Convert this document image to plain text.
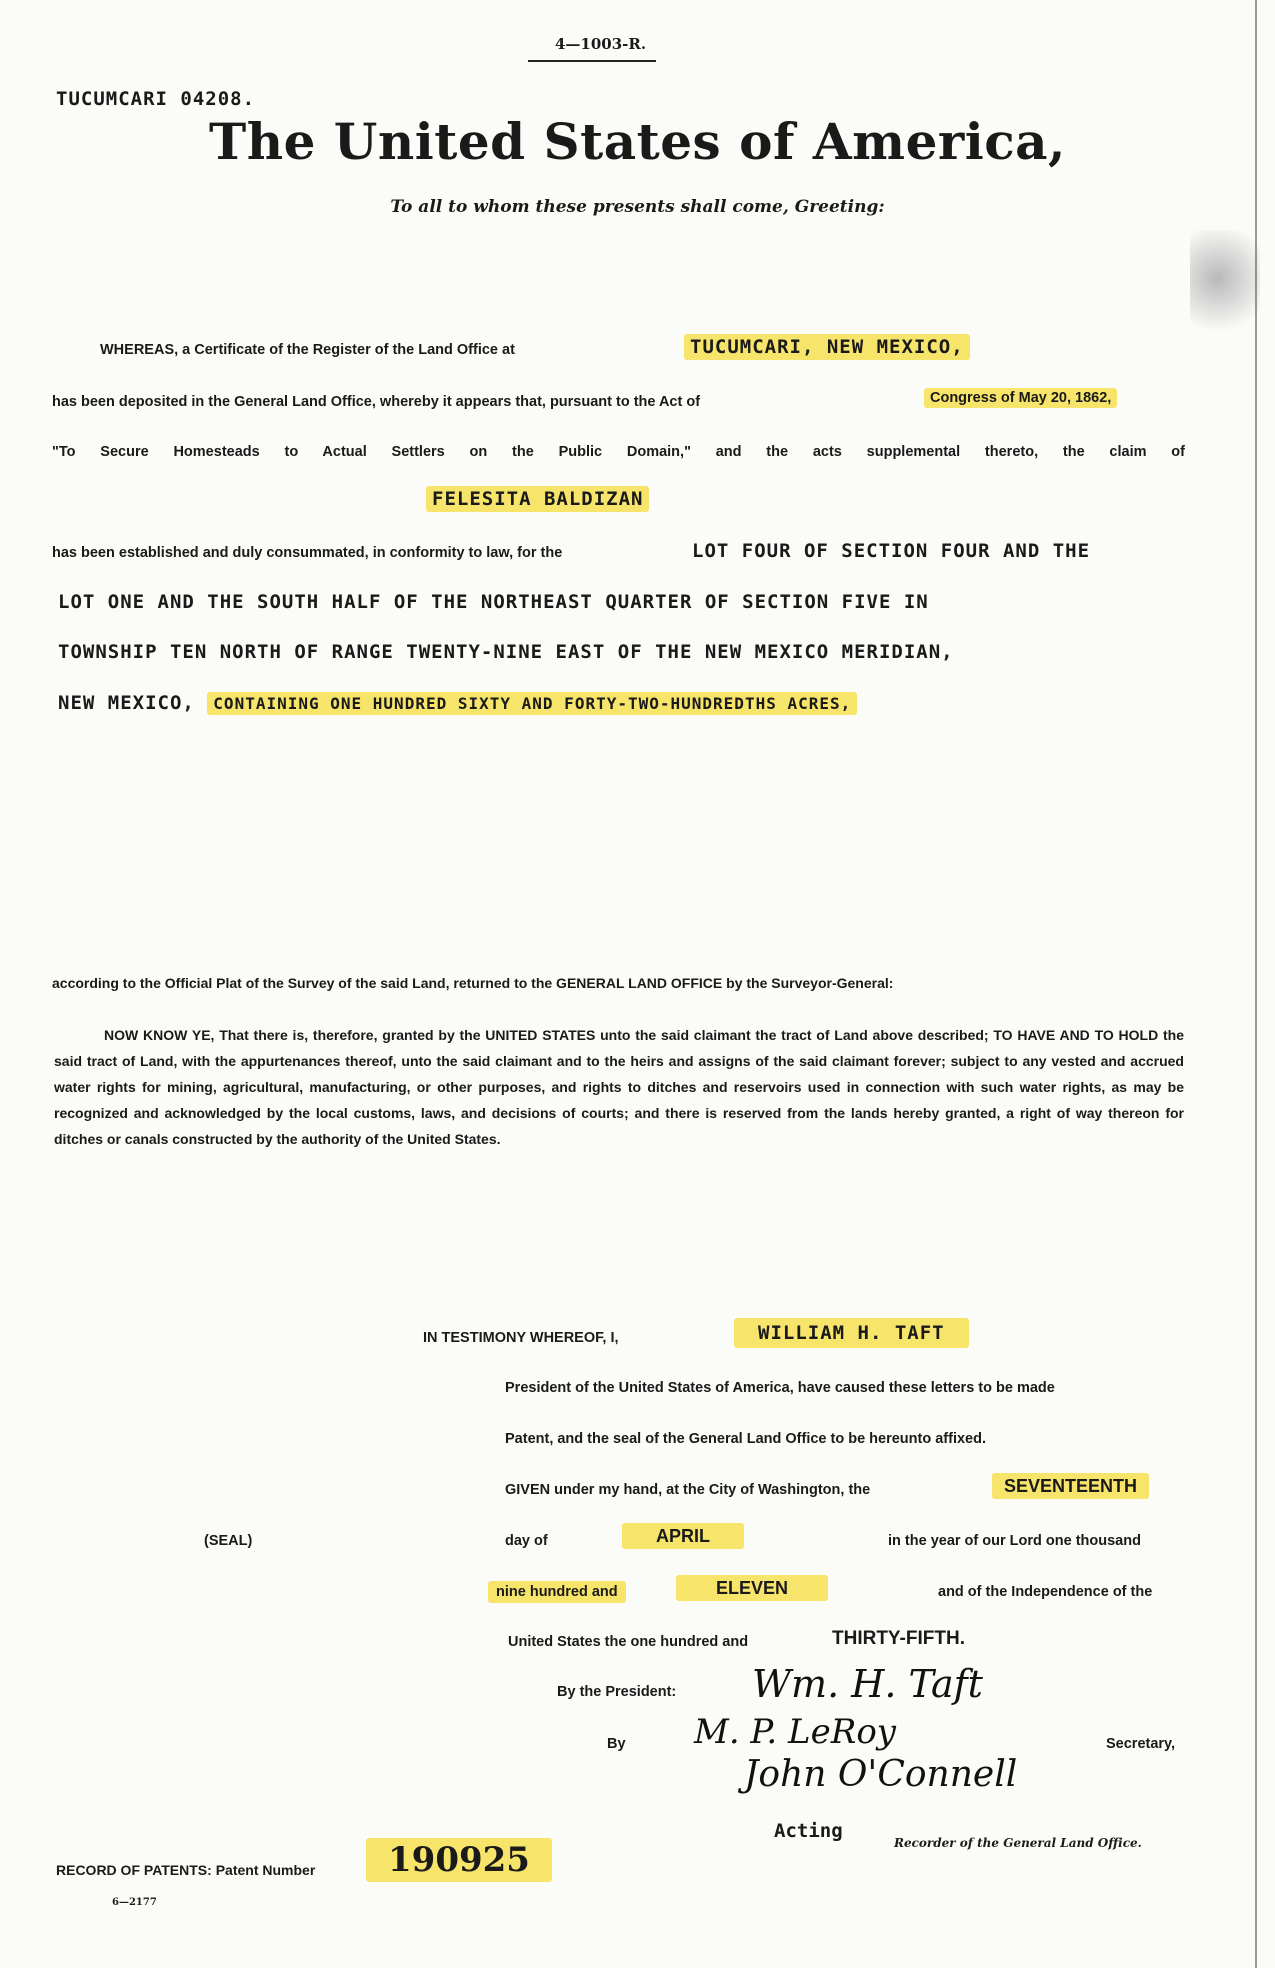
4—1003-R.
TUCUMCARI 04208.
The United States of America,
To all to whom these presents shall come, Greeting:
WHEREAS, a Certificate of the Register of the Land Office at	TUCUMCARI, NEW MEXICO,
has been deposited in the General Land Office, whereby it appears that, pursuant to the Act of	Congress of May 20, 1862,
"To Secure Homesteads to Actual Settlers on the Public Domain," and the acts supplemental thereto, the claim of
FELESITA BALDIZAN
has been established and duly consummated, in conformity to law, for the	LOT FOUR OF SECTION FOUR AND THE
LOT ONE AND THE SOUTH HALF OF THE NORTHEAST QUARTER OF SECTION FIVE IN
TOWNSHIP TEN NORTH OF RANGE TWENTY-NINE EAST OF THE NEW MEXICO MERIDIAN,
NEW MEXICO, CONTAINING ONE HUNDRED SIXTY AND FORTY-TWO-HUNDREDTHS ACRES,
according to the Official Plat of the Survey of the said Land, returned to the GENERAL LAND OFFICE by the Surveyor-General:
NOW KNOW YE, That there is, therefore, granted by the UNITED STATES unto the said claimant the tract of Land above described; TO HAVE AND TO HOLD the said tract of Land, with the appurtenances thereof, unto the said claimant and to the heirs and assigns of the said claimant forever; subject to any vested and accrued water rights for mining, agricultural, manufacturing, or other purposes, and rights to ditches and reservoirs used in connection with such water rights, as may be recognized and acknowledged by the local customs, laws, and decisions of courts; and there is reserved from the lands hereby granted, a right of way thereon for ditches or canals constructed by the authority of the United States.
IN TESTIMONY WHEREOF, I,	WILLIAM H. TAFT
President of the United States of America, have caused these letters to be made
Patent, and the seal of the General Land Office to be hereunto affixed.
GIVEN under my hand, at the City of Washington, the	SEVENTEENTH
(SEAL)	day of	APRIL	in the year of our Lord one thousand
nine hundred and	ELEVEN	and of the Independence of the
United States the one hundred and	THIRTY-FIFTH.
By the President: Wm. H. Taft
By M. P. LeRoy	Secretary,
John O'Connell
Acting
Recorder of the General Land Office.
RECORD OF PATENTS: Patent Number	190925
6—2177
